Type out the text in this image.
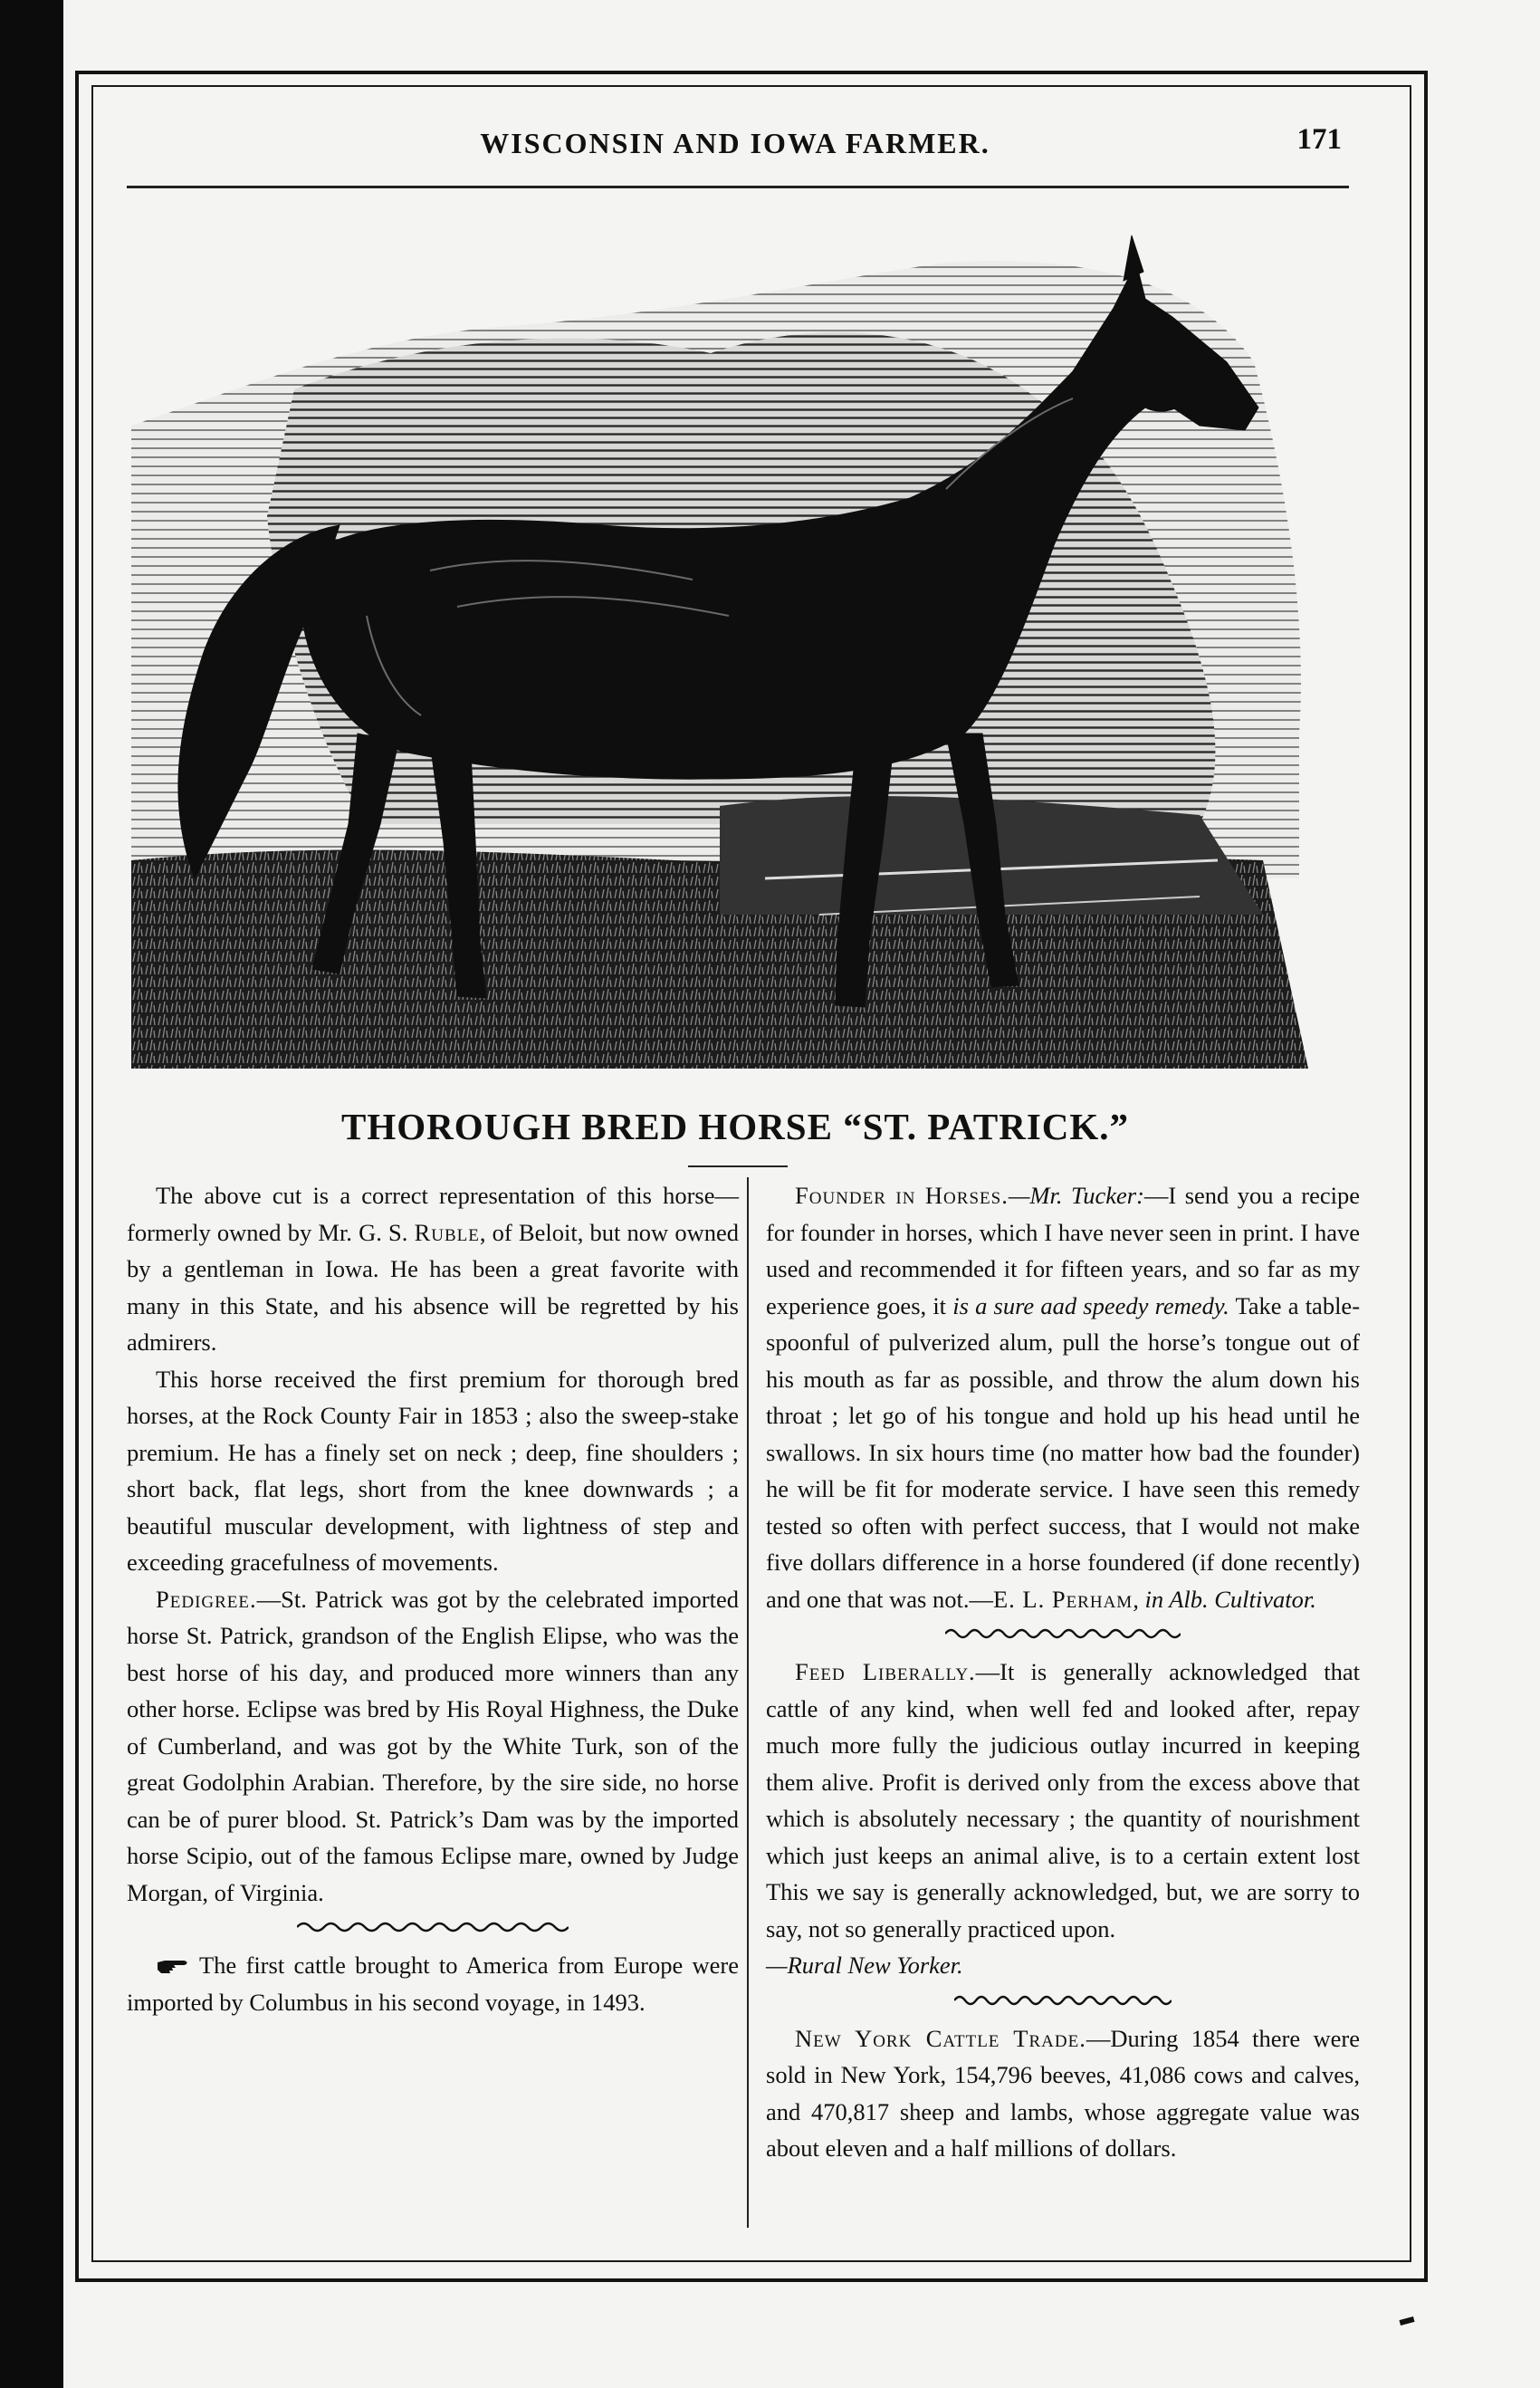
WISCONSIN AND IOWA FARMER.	171
THOROUGH BRED HORSE “ST. PATRICK.”

The above cut is a correct representation of this horse—formerly owned by Mr. G. S. Ruble, of Beloit, but now owned by a gentleman in Iowa. He has been a great favorite with many in this State, and his absence will be regretted by his admirers.

This horse received the first premium for thorough bred horses, at the Rock County Fair in 1853 ; also the sweep-stake premium. He has a finely set on neck ; deep, fine shoulders ; short back, flat legs, short from the knee downwards ; a beautiful muscular development, with lightness of step and exceeding gracefulness of movements.

Pedigree.—St. Patrick was got by the celebrated imported horse St. Patrick, grandson of the English Elipse, who was the best horse of his day, and produced more winners than any other horse. Eclipse was bred by His Royal Highness, the Duke of Cumberland, and was got by the White Turk, son of the great Godolphin Arabian. Therefore, by the sire side, no horse can be of purer blood. St. Patrick’s Dam was by the imported horse Scipio, out of the famous Eclipse mare, owned by Judge Morgan, of Virginia.

The first cattle brought to America from Europe were imported by Columbus in his second voyage, in 1493.

Founder in Horses.—Mr. Tucker:—I send you a recipe for founder in horses, which I have never seen in print. I have used and recommended it for fifteen years, and so far as my experience goes, it is a sure aad speedy remedy. Take a table-spoonful of pulverized alum, pull the horse’s tongue out of his mouth as far as possible, and throw the alum down his throat ; let go of his tongue and hold up his head until he swallows. In six hours time (no matter how bad the founder) he will be fit for moderate service. I have seen this remedy tested so often with perfect success, that I would not make five dollars difference in a horse foundered (if done recently) and one that was not.—E. L. Perham, in Alb. Cultivator.

Feed Liberally.—It is generally acknowledged that cattle of any kind, when well fed and looked after, repay much more fully the judicious outlay incurred in keeping them alive. Profit is derived only from the excess above that which is absolutely necessary ; the quantity of nourishment which just keeps an animal alive, is to a certain extent lost This we say is generally acknowledged, but, we are sorry to say, not so generally practiced upon.
—Rural New Yorker.

New York Cattle Trade.—During 1854 there were sold in New York, 154,796 beeves, 41,086 cows and calves, and 470,817 sheep and lambs, whose aggregate value was about eleven and a half millions of dollars.
